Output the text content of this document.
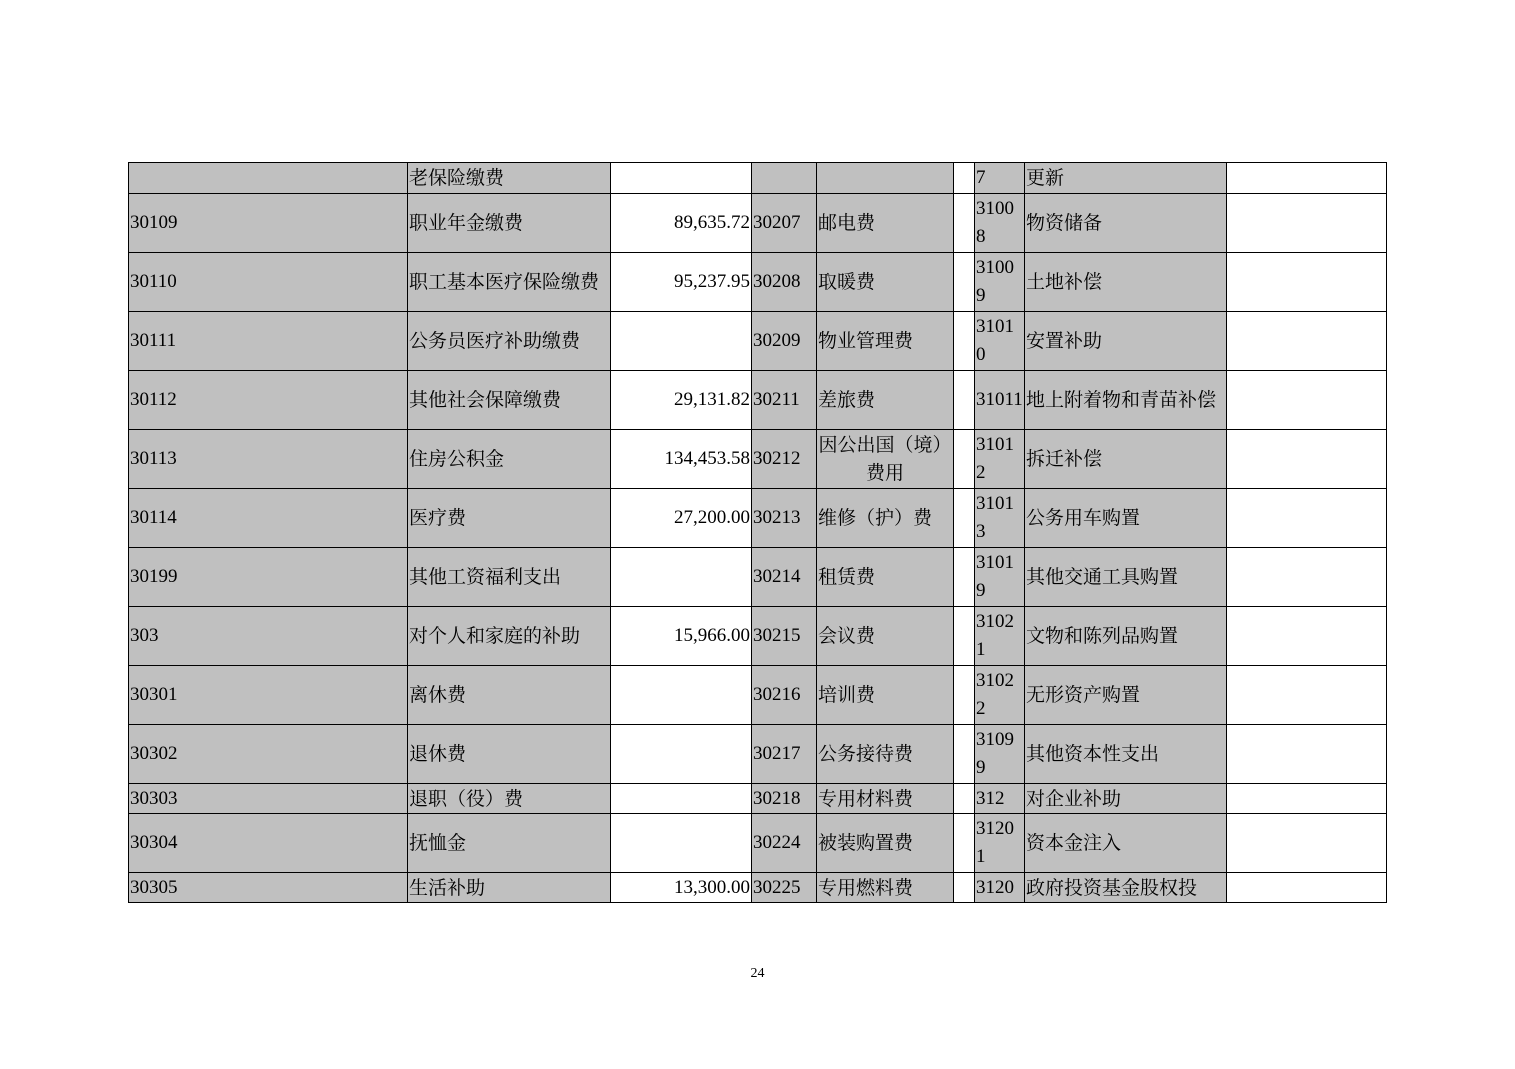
	老保险缴费					7	更新	
30109	职业年金缴费	89,635.72	30207	邮电费		31008	物资储备	
30110	职工基本医疗保险缴费	95,237.95	30208	取暖费		31009	土地补偿	
30111	公务员医疗补助缴费		30209	物业管理费		31010	安置补助	
30112	其他社会保障缴费	29,131.82	30211	差旅费		31011	地上附着物和青苗补偿	
30113	住房公积金	134,453.58	30212	因公出国（境）费用		31012	拆迁补偿	
30114	医疗费	27,200.00	30213	维修（护）费		31013	公务用车购置	
30199	其他工资福利支出		30214	租赁费		31019	其他交通工具购置	
303	对个人和家庭的补助	15,966.00	30215	会议费		31021	文物和陈列品购置	
30301	离休费		30216	培训费		31022	无形资产购置	
30302	退休费		30217	公务接待费		31099	其他资本性支出	
30303	退职（役）费		30218	专用材料费		312	对企业补助	
30304	抚恤金		30224	被装购置费		31201	资本金注入	
30305	生活补助	13,300.00	30225	专用燃料费		3120	政府投资基金股权投	
24
